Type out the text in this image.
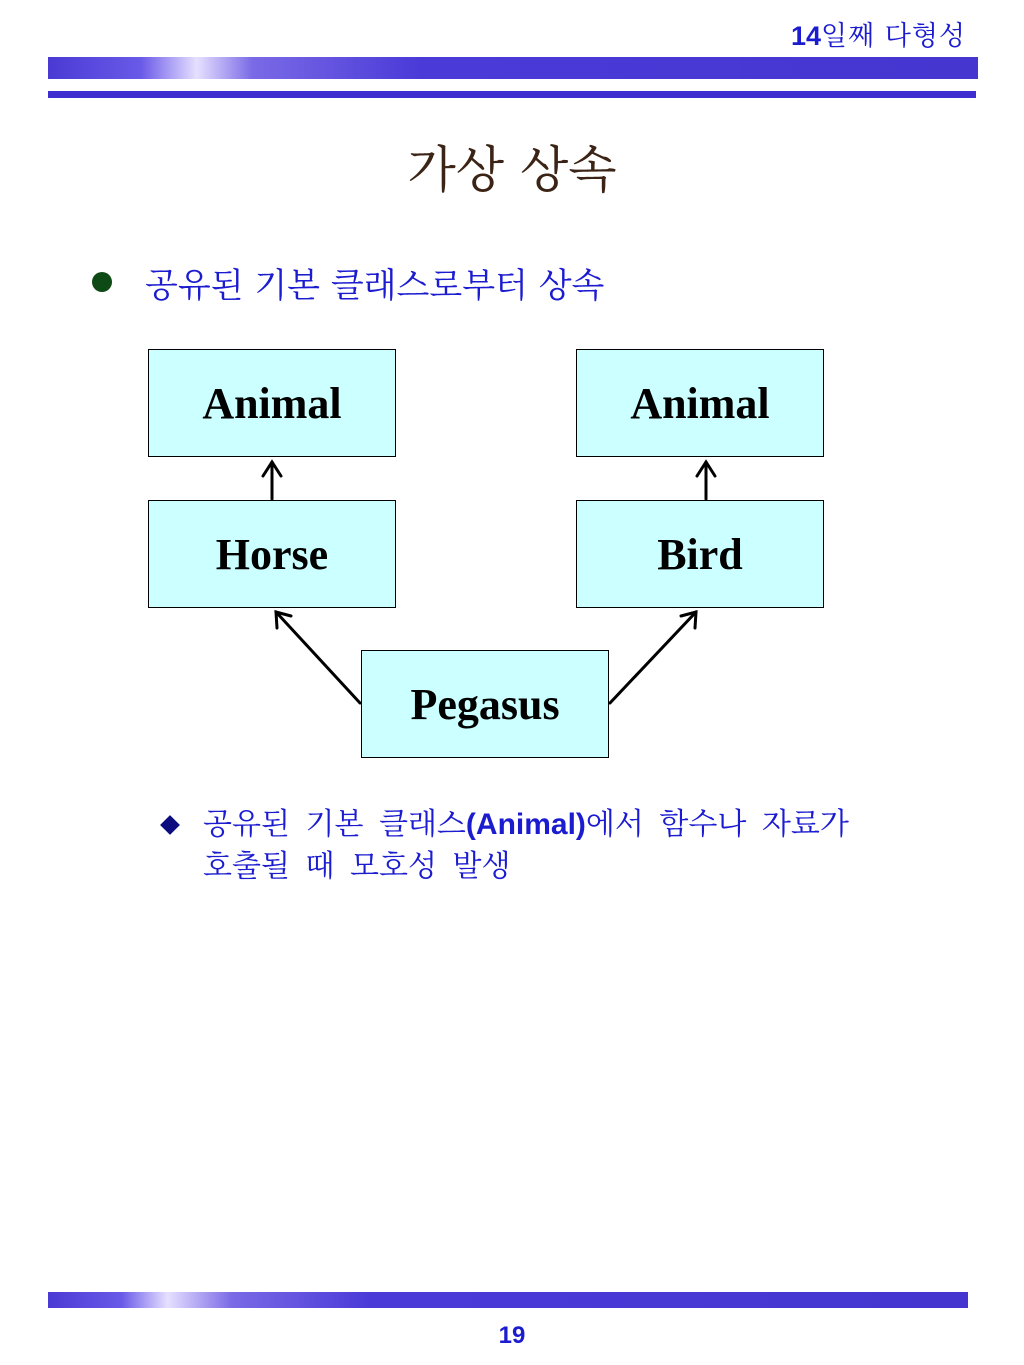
14일째 다형성
가상 상속
공유된 기본 클래스로부터 상속
Animal	Animal
Horse	Bird
Pegasus
공유된 기본 클래스(Animal)에서 함수나 자료가
호출될 때 모호성 발생
19
